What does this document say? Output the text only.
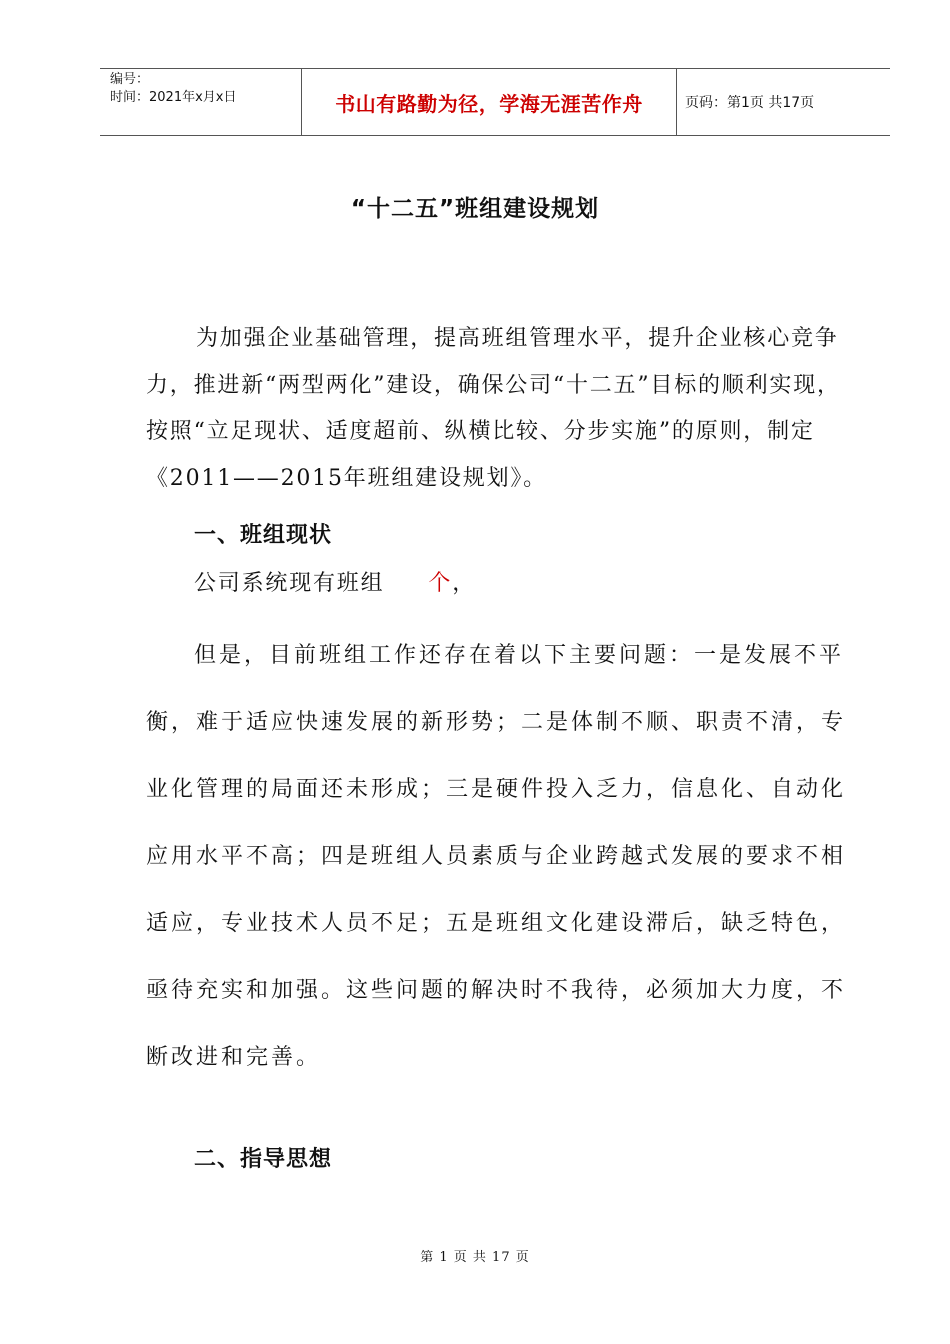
编号：
时间：2021年x月x日	书山有路勤为径，学海无涯苦作舟	页码：第1页 共17页
“十二五”班组建设规划

为加强企业基础管理，提高班组管理水平，提升企业核心竞争力，推进新“两型两化”建设，确保公司“十二五”目标的顺利实现，按照“立足现状、适度超前、纵横比较、分步实施”的原则，制定《2011——2015年班组建设规划》。

一、班组现状

公司系统现有班组 个，

但是，目前班组工作还存在着以下主要问题：一是发展不平衡，难于适应快速发展的新形势；二是体制不顺、职责不清，专业化管理的局面还未形成；三是硬件投入乏力，信息化、自动化应用水平不高；四是班组人员素质与企业跨越式发展的要求不相适应，专业技术人员不足；五是班组文化建设滞后，缺乏特色，亟待充实和加强。这些问题的解决时不我待，必须加大力度，不断改进和完善。

二、指导思想
第 1 页 共 17 页
